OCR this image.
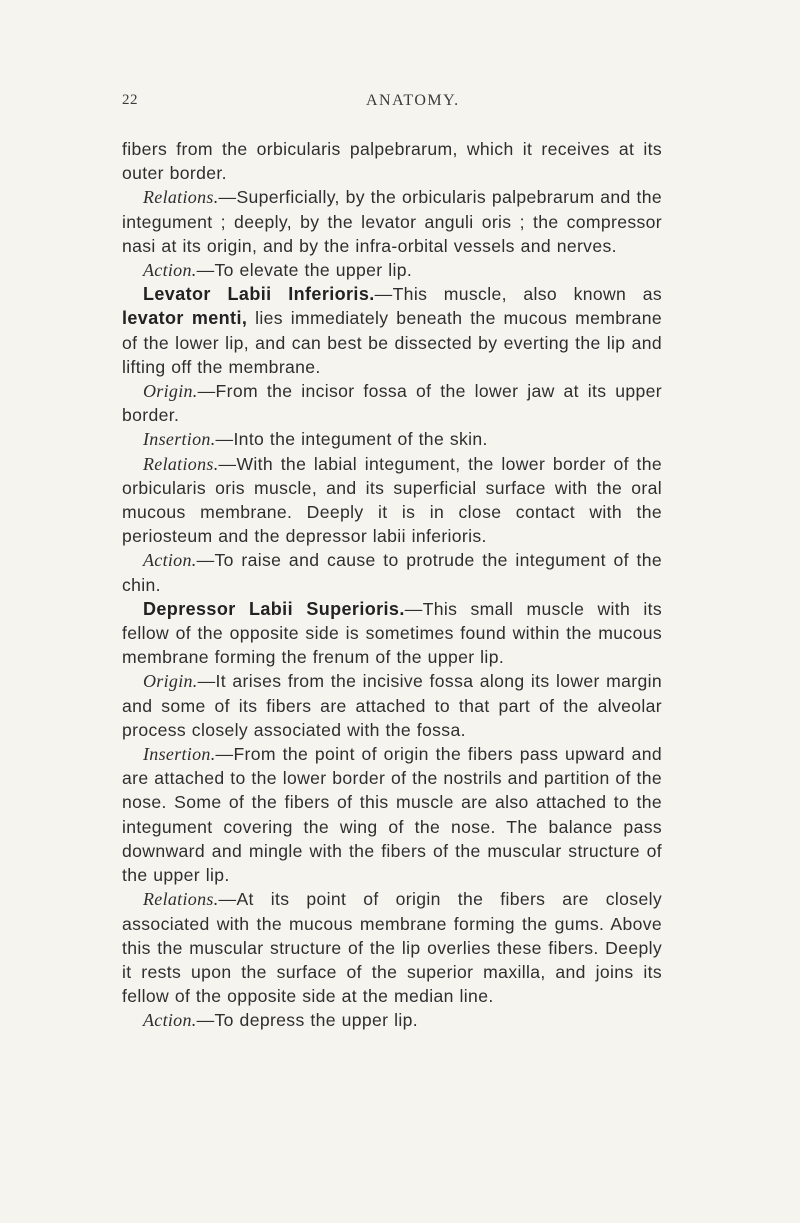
22	ANATOMY.

fibers from the orbicularis palpebrarum, which it receives at its outer border.

Relations.—Superficially, by the orbicularis palpebrarum and the integument ; deeply, by the levator anguli oris ; the compressor nasi at its origin, and by the infra-orbital vessels and nerves.

Action.—To elevate the upper lip.

Levator Labii Inferioris.—This muscle, also known as levator menti, lies immediately beneath the mucous membrane of the lower lip, and can best be dissected by everting the lip and lifting off the membrane.

Origin.—From the incisor fossa of the lower jaw at its upper border.

Insertion.—Into the integument of the skin.

Relations.—With the labial integument, the lower border of the orbicularis oris muscle, and its superficial surface with the oral mucous membrane. Deeply it is in close contact with the periosteum and the depressor labii inferioris.

Action.—To raise and cause to protrude the integument of the chin.

Depressor Labii Superioris.—This small muscle with its fellow of the opposite side is sometimes found within the mucous membrane forming the frenum of the upper lip.

Origin.—It arises from the incisive fossa along its lower margin and some of its fibers are attached to that part of the alveolar process closely associated with the fossa.

Insertion.—From the point of origin the fibers pass upward and are attached to the lower border of the nostrils and partition of the nose. Some of the fibers of this muscle are also attached to the integument covering the wing of the nose. The balance pass downward and mingle with the fibers of the muscular structure of the upper lip.

Relations.—At its point of origin the fibers are closely associated with the mucous membrane forming the gums. Above this the muscular structure of the lip overlies these fibers. Deeply it rests upon the surface of the superior maxilla, and joins its fellow of the opposite side at the median line.

Action.—To depress the upper lip.
